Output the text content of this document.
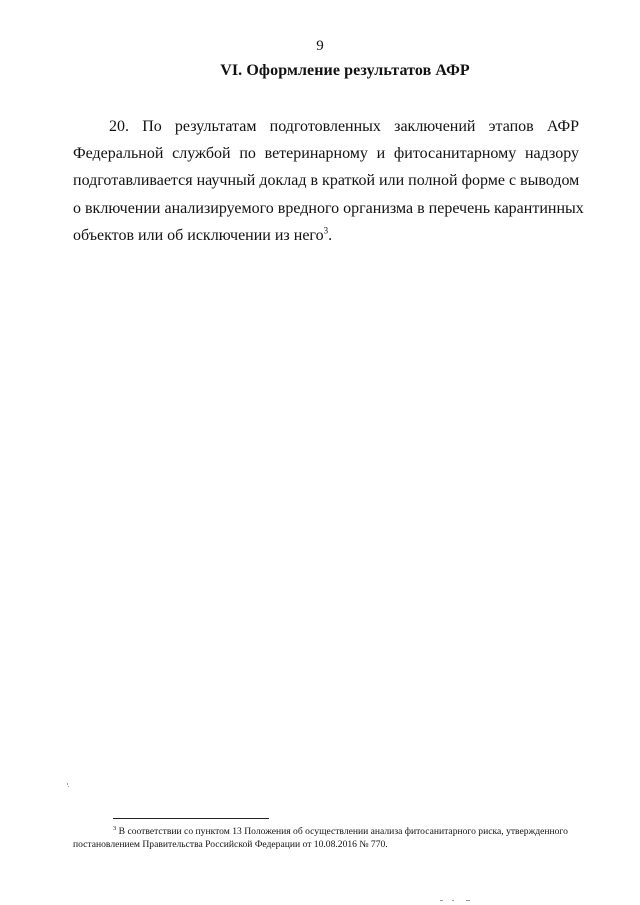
9
VI. Оформление результатов АФР
20. По результатам подготовленных заключений этапов АФР
Федеральной службой по ветеринарному и фитосанитарному надзору
подготавливается научный доклад в краткой или полной форме с выводом
о включении анализируемого вредного организма в перечень карантинных
объектов или об исключении из него$^3$.
$^3$ В соответствии со пунктом 13 Положения об осуществлении анализа фитосанитарного риска, утвержденного
постановлением Правительства Российской Федерации от 10.08.2016 № 770.
